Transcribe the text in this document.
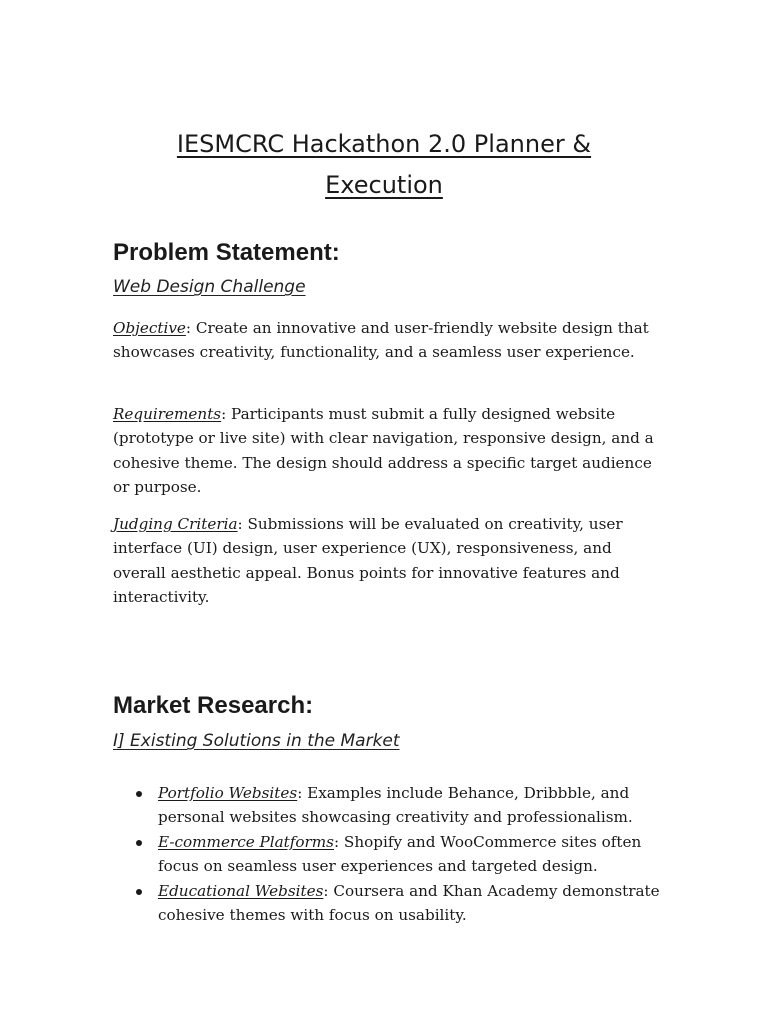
IESMCRC Hackathon 2.0 Planner &
Execution
Problem Statement:

Web Design Challenge

Objective: Create an innovative and user-friendly website design that showcases creativity, functionality, and a seamless user experience.

Requirements: Participants must submit a fully designed website (prototype or live site) with clear navigation, responsive design, and a cohesive theme. The design should address a specific target audience or purpose.

Judging Criteria: Submissions will be evaluated on creativity, user interface (UI) design, user experience (UX), responsiveness, and overall aesthetic appeal. Bonus points for innovative features and interactivity.

Market Research:

I] Existing Solutions in the Market

Portfolio Websites: Examples include Behance, Dribbble, and personal websites showcasing creativity and professionalism.
E-commerce Platforms: Shopify and WooCommerce sites often focus on seamless user experiences and targeted design.
Educational Websites: Coursera and Khan Academy demonstrate cohesive themes with focus on usability.
